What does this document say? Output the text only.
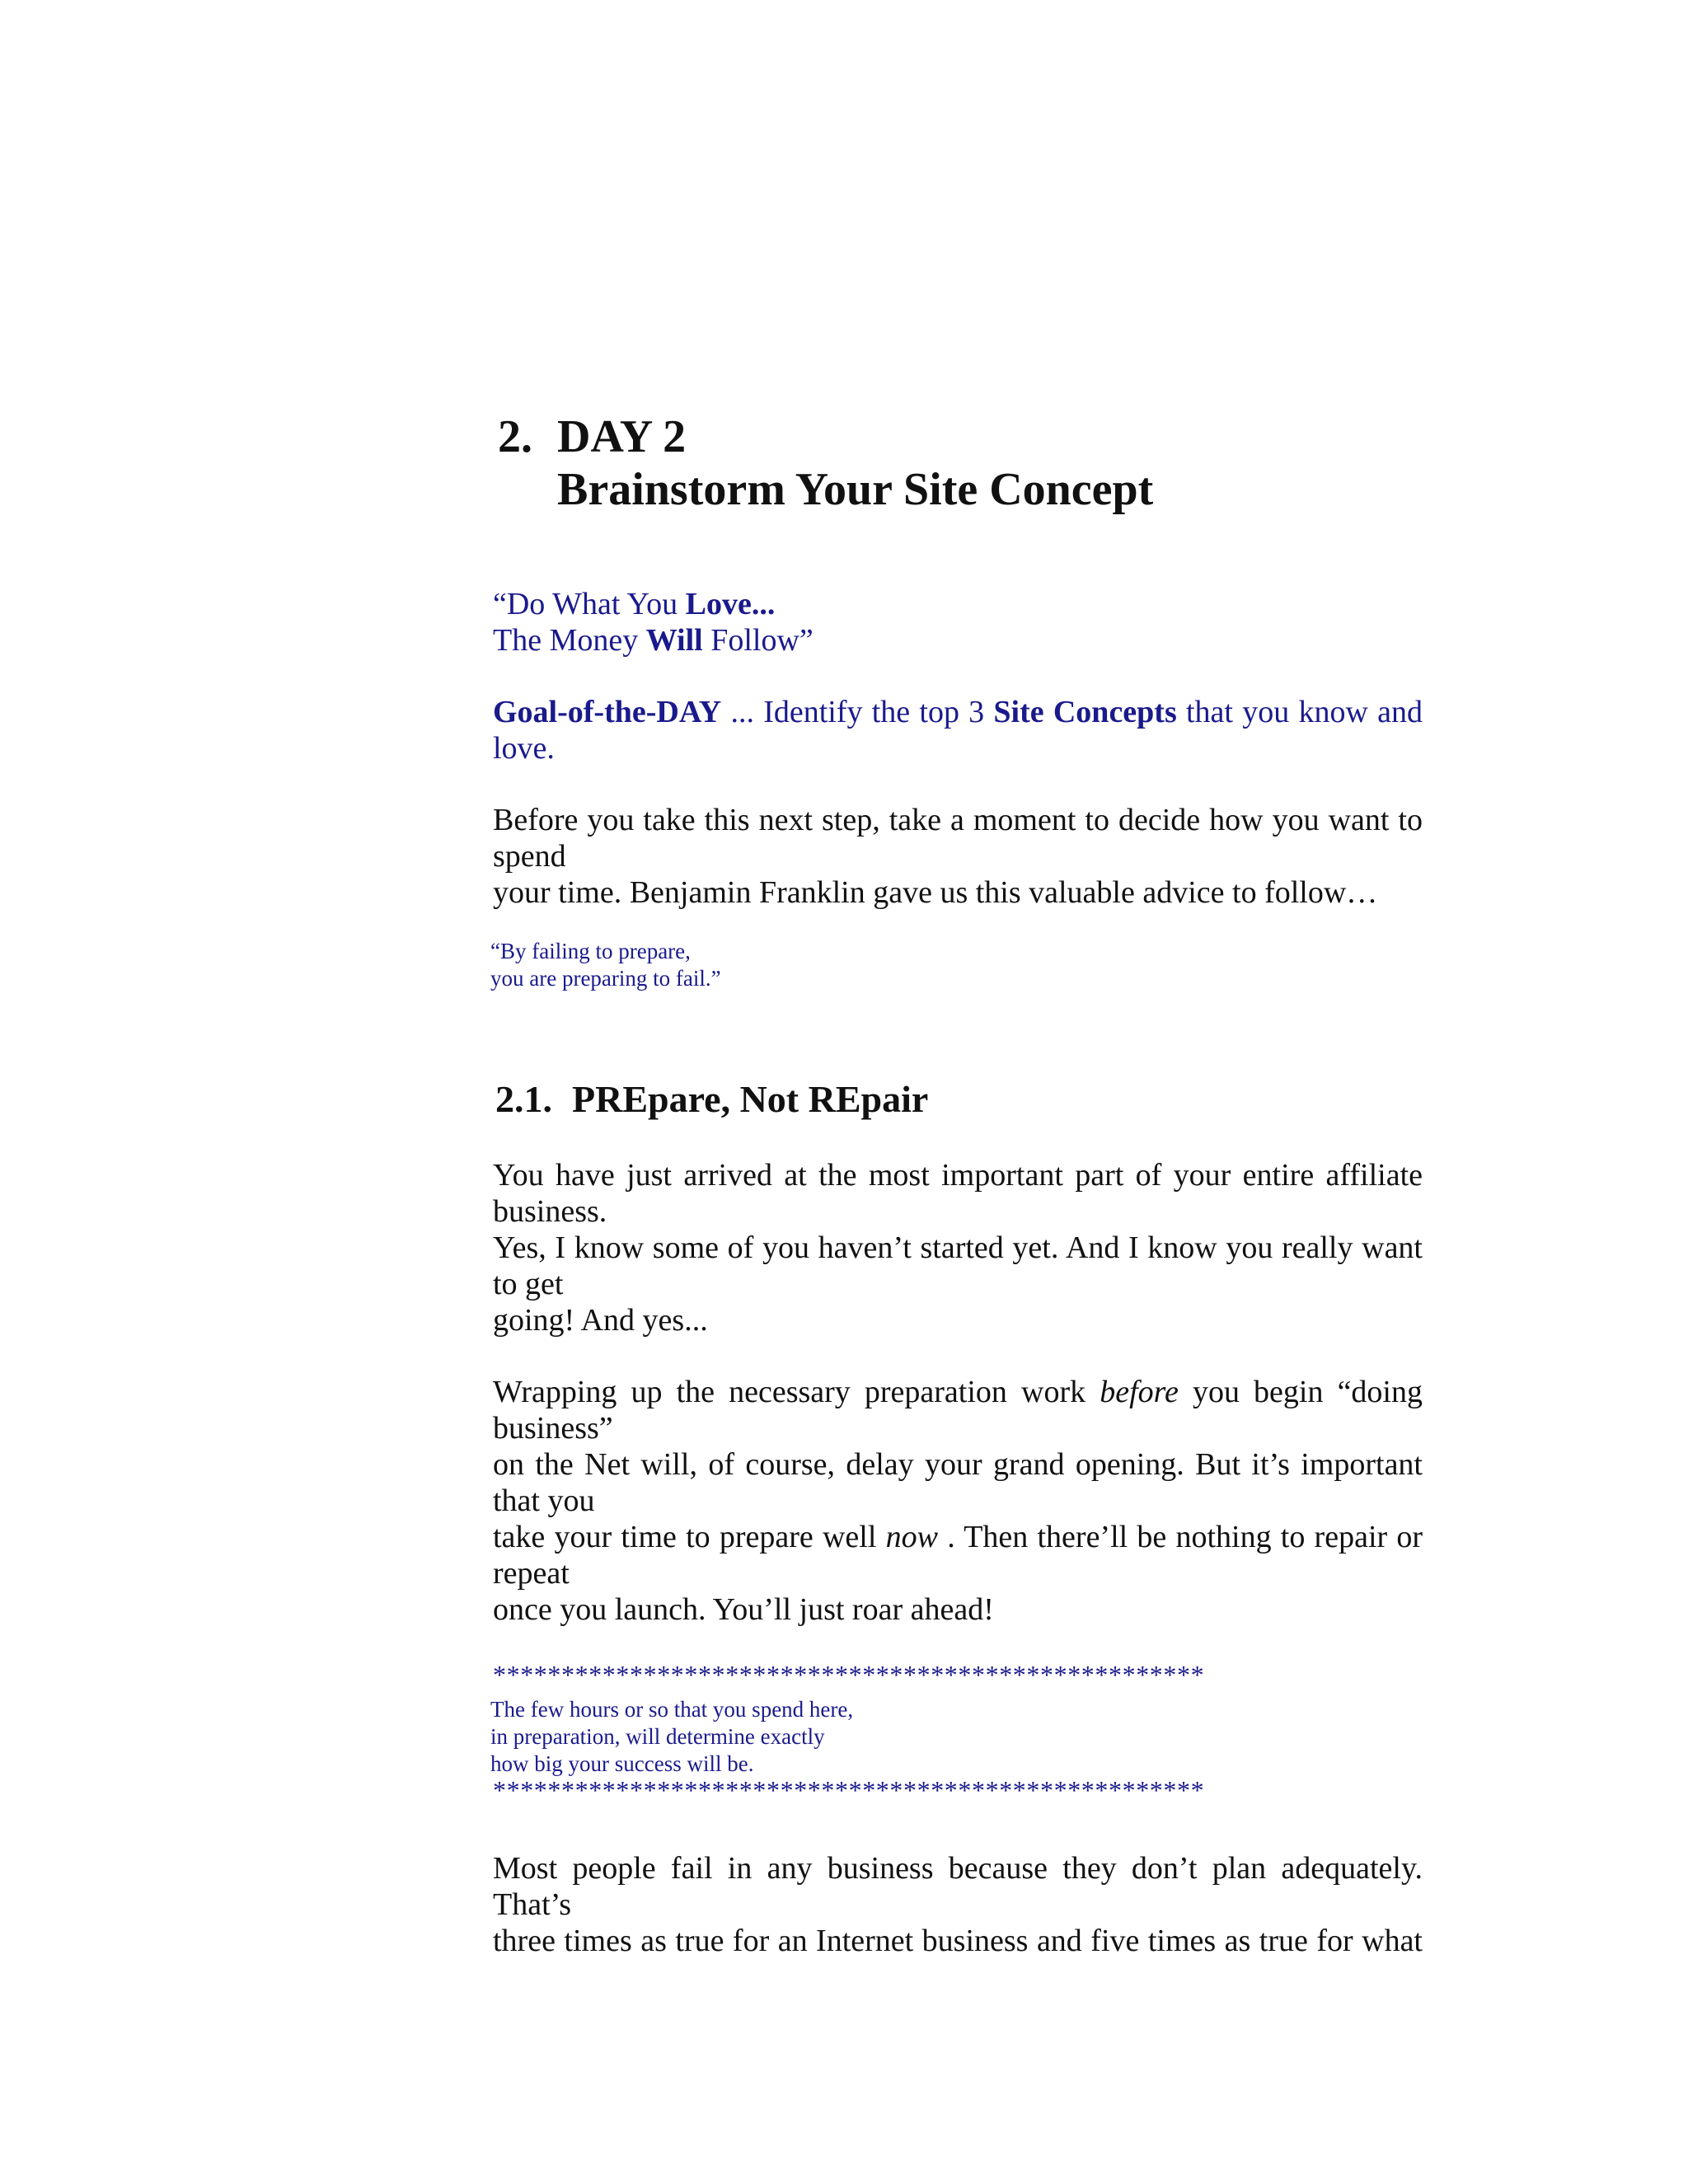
2. DAY 2
Brainstorm Your Site Concept
“Do What You Love...
The Money Will Follow”
Goal-of-the-DAY ... Identify the top 3 Site Concepts that you know and
love.
Before you take this next step, take a moment to decide how you want to
spend
your time. Benjamin Franklin gave us this valuable advice to follow…
“By failing to prepare,
you are preparing to fail.”
2.1. PREpare, Not REpair
You have just arrived at the most important part of your entire affiliate
business.
Yes, I know some of you haven’t started yet. And I know you really want
to get
going! And yes...
Wrapping up the necessary preparation work before you begin “doing
business”
on the Net will, of course, delay your grand opening. But it’s important
that you
take your time to prepare well now . Then there’ll be nothing to repair or
repeat
once you launch. You’ll just roar ahead!
****************************************************
The few hours or so that you spend here,
in preparation, will determine exactly
how big your success will be.
****************************************************
Most people fail in any business because they don’t plan adequately.
That’s
three times as true for an Internet business and five times as true for what
